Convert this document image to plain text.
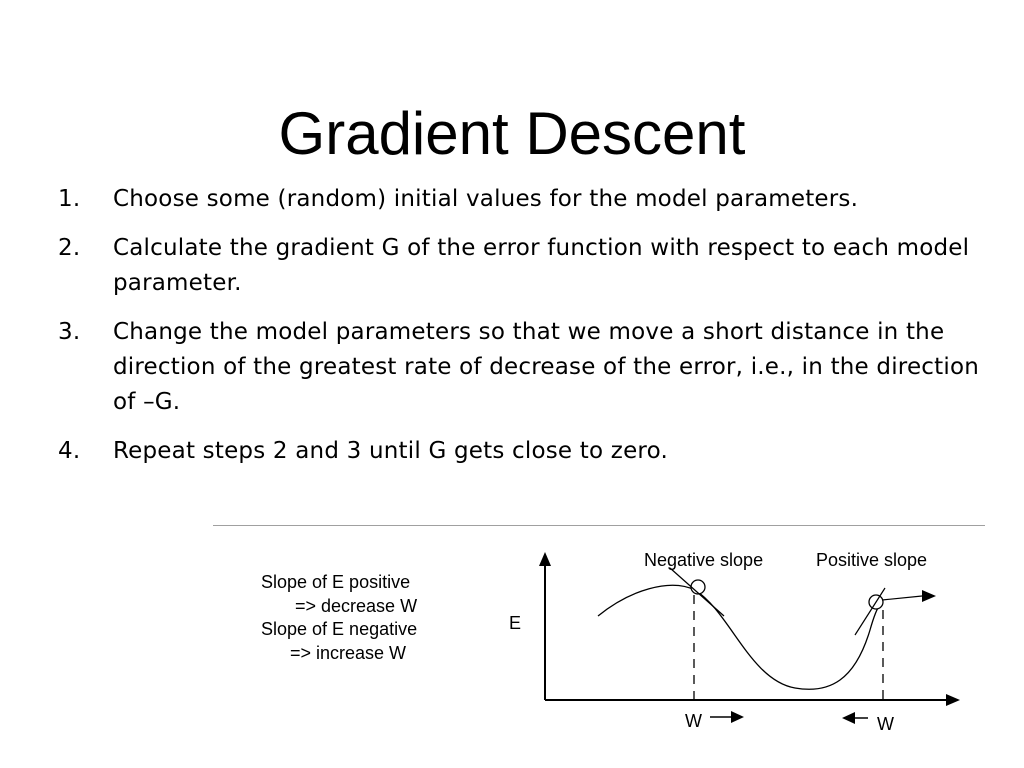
Gradient Descent
1. Choose some (random) initial values for the model parameters.
2. Calculate the gradient G of the error function with respect to each model parameter.
3. Change the model parameters so that we move a short distance in the direction of the greatest rate of decrease of the error, i.e., in the direction of –G.
4. Repeat steps 2 and 3 until G gets close to zero.
Slope of E positive
=> decrease W
Slope of E negative
=> increase W
E
Negative slope	Positive slope
W	W
